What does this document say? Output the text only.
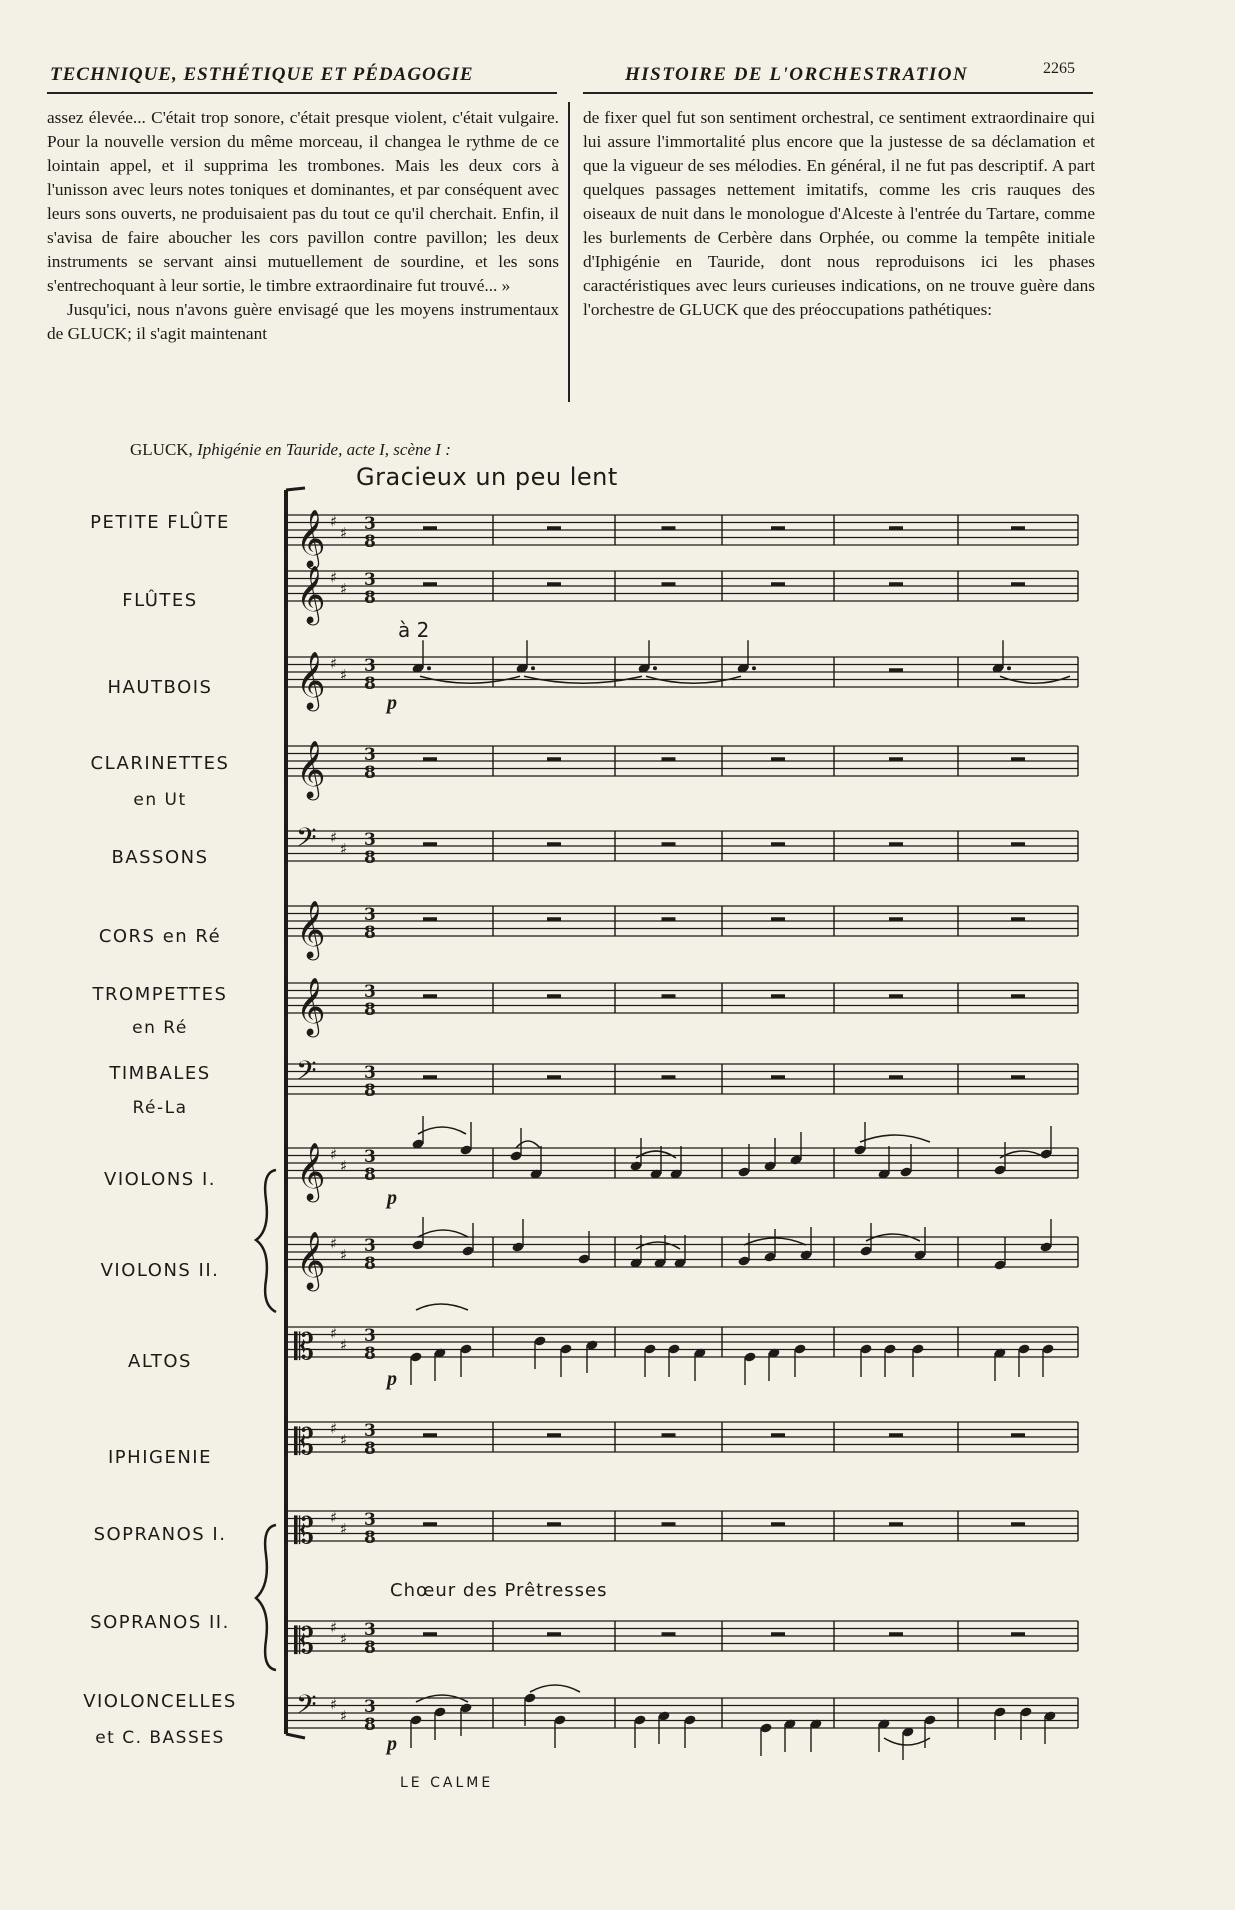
TECHNIQUE, ESTHÉTIQUE ET PÉDAGOGIE	HISTOIRE DE L'ORCHESTRATION	2265

assez élevée... C'était trop sonore, c'était presque violent, c'était vulgaire. Pour la nouvelle version du même morceau, il changea le rythme de ce lointain appel, et il supprima les trombones. Mais les deux cors à l'unisson avec leurs notes toniques et dominantes, et par conséquent avec leurs sons ouverts, ne produisaient pas du tout ce qu'il cherchait. Enfin, il s'avisa de faire aboucher les cors pavillon contre pavillon; les deux instruments se servant ainsi mutuellement de sourdine, et les sons s'entrechoquant à leur sortie, le timbre extraordinaire fut trouvé... »

Jusqu'ici, nous n'avons guère envisagé que les moyens instrumentaux de GLUCK; il s'agit maintenant

de fixer quel fut son sentiment orchestral, ce sentiment extraordinaire qui lui assure l'immortalité plus encore que la justesse de sa déclamation et que la vigueur de ses mélodies. En général, il ne fut pas descriptif. A part quelques passages nettement imitatifs, comme les cris rauques des oiseaux de nuit dans le monologue d'Alceste à l'entrée du Tartare, comme les burlements de Cerbère dans Orphée, ou comme la tempête initiale d'Iphigénie en Tauride, dont nous reproduisons ici les phases caractéristiques avec leurs curieuses indications, on ne trouve guère dans l'orchestre de GLUCK que des préoccupations pathétiques:

GLUCK, Iphigénie en Tauride, acte I, scène I :
Gracieux un peu lent
𝄞 ♯
♯ 3
8
PETITE FLÛTE
𝄞 ♯
♯ 3
8
FLÛTES
𝄞 ♯
♯ 3
8
HAUTBOIS
𝄞 3
8
CLARINETTES
en Ut
𝄢 ♯
♯ 3
8
BASSONS
𝄞 3
8
CORS en Ré
𝄞 3
8
TROMPETTES
en Ré
𝄢	3
8
TIMBALES
Ré-La
𝄞 ♯
♯ 3
8
VIOLONS I.
𝄞 ♯
♯ 3
8
VIOLONS II.
𝄡 ♯
♯ 3
8
ALTOS
𝄡 ♯
♯ 3
8
IPHIGENIE
𝄡 ♯
♯ 3
8
SOPRANOS I.
𝄡 ♯
♯ 3
8
SOPRANOS II.
𝄢 ♯
♯ 3
8
VIOLONCELLES
et C. BASSES
à 2
p
p
p
p
Chœur des Prêtresses
LE CALME
